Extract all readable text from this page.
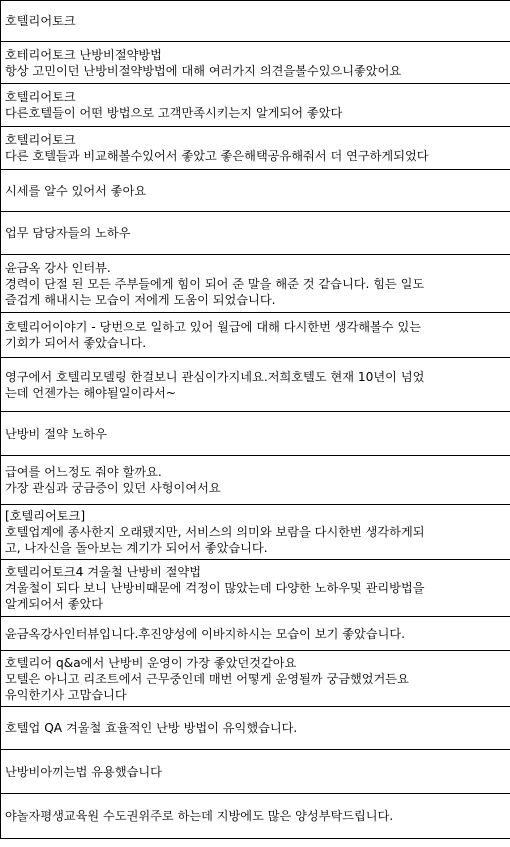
호텔리어토크
호테리어토크 난방비절약방법
항상 고민이던 난방비절약방법에 대해 여러가지 의견을볼수있으니좋았어요
호텔리어토크
다른호텔들이 어떤 방법으로 고객만족시키는지 알게되어 좋았다
호텔리어토크
다른 호텔들과 비교해볼수있어서 좋았고 좋은해택공유해줘서 더 연구하게되었다
시세를 알수 있어서 좋아요
업무 담당자들의 노하우
윤금옥 강사 인터뷰.
경력이 단절 된 모든 주부들에게 힘이 되어 준 말을 해준 것 같습니다. 힘든 일도
즐겁게 해내시는 모습이 저에게 도움이 되었습니다.
호텔리어이야기 - 당번으로 일하고 있어 월급에 대해 다시한번 생각해볼수 있는
기회가 되어서 좋았습니다.
영구에서 호텔리모델링 한걸보니 관심이가지네요.저희호텔도 현재 10년이 넘었
는데 언젠가는 해야될일이라서~
난방비 절약 노하우
급여를 어느정도 줘야 할까요.
가장 관심과 궁금증이 있던 사헝이여서요
[호텔리어토크]
호텔업계에 종사한지 오래됐지만, 서비스의 의미와 보람을 다시한번 생각하게되
고, 나자신을 돌아보는 계기가 되어서 좋았습니다.
호텔리어토크4 겨울철 난방비 절약법
겨울철이 되다 보니 난방비때문에 걱정이 많았는데 다양한 노하우및 관리방법을
알게되어서 좋았다
윤금옥강사인터뷰입니다.후진양성에 이바지하시는 모습이 보기 좋았습니다.
호텔리어 q&a에서 난방비 운영이 가장 좋았던것같아요
모텔은 아니고 리조트에서 근무중인데 매번 어떻게 운영될까 궁금했었거든요
유익한기사 고맙습니다
호텔업 QA 겨울철 효율적인 난방 방법이 유익했습니다.
난방비아끼는법 유용했습니다
야놀자평생교육원 수도권위주로 하는데 지방에도 많은 양성부탁드립니다.
